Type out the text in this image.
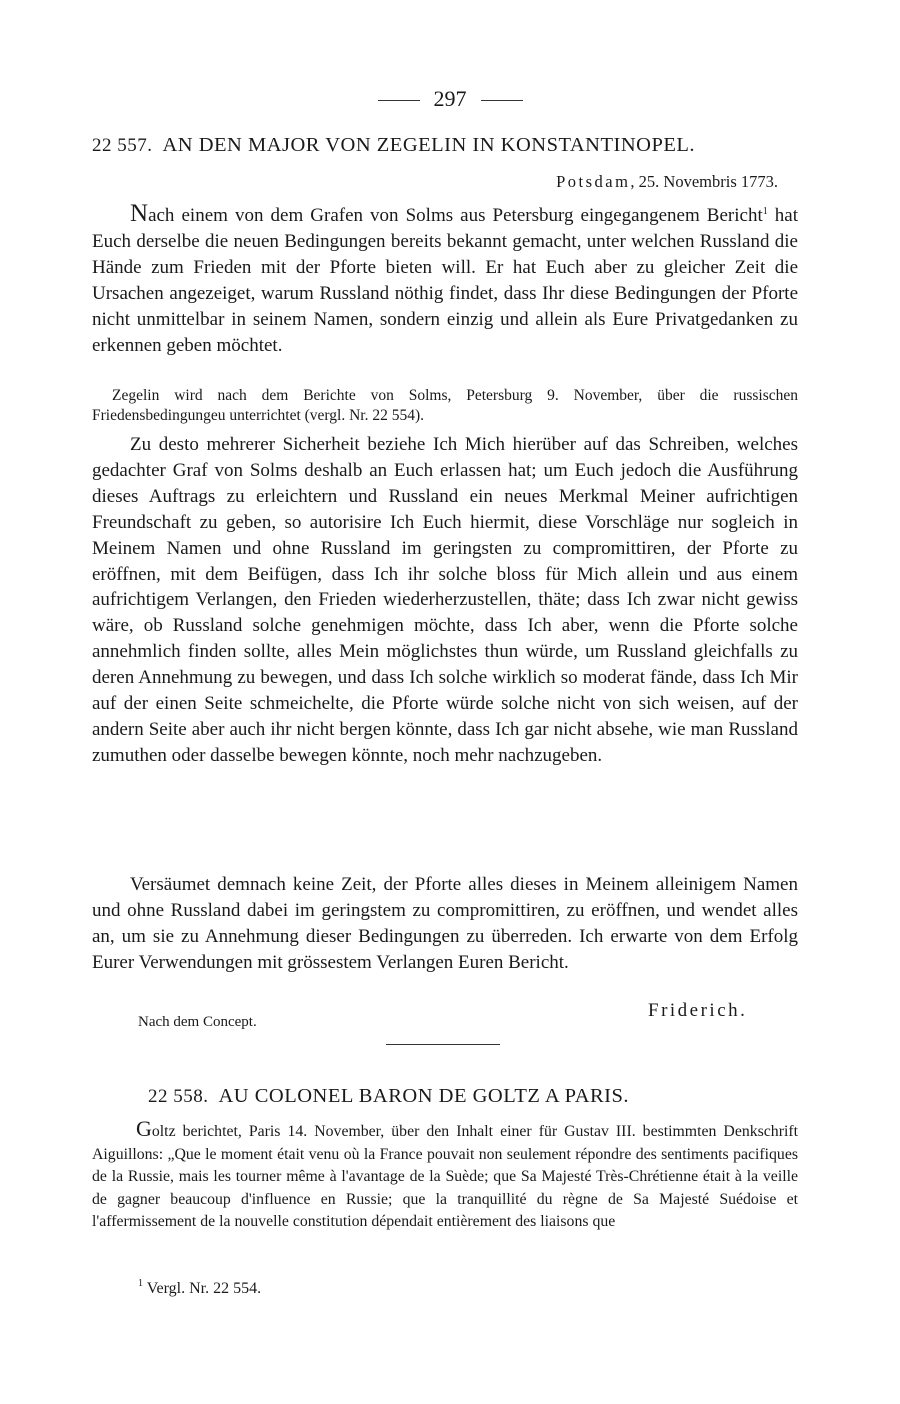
297
22 557. AN DEN MAJOR VON ZEGELIN IN KONSTANTINOPEL.
Potsdam, 25. Novembris 1773.

Nach einem von dem Grafen von Solms aus Petersburg eingegangenem Bericht$^1$ hat Euch derselbe die neuen Bedingungen bereits bekannt gemacht, unter welchen Russland die Hände zum Frieden mit der Pforte bieten will. Er hat Euch aber zu gleicher Zeit die Ursachen angezeiget, warum Russland nöthig findet, dass Ihr diese Bedingungen der Pforte nicht unmittelbar in seinem Namen, sondern einzig und allein als Eure Privatgedanken zu erkennen geben möchtet.

Zegelin wird nach dem Berichte von Solms, Petersburg 9. November, über die russischen Friedensbedingungeu unterrichtet (vergl. Nr. 22 554).

Zu desto mehrerer Sicherheit beziehe Ich Mich hierüber auf das Schreiben, welches gedachter Graf von Solms deshalb an Euch erlassen hat; um Euch jedoch die Ausführung dieses Auftrags zu erleichtern und Russland ein neues Merkmal Meiner aufrichtigen Freundschaft zu geben, so autorisire Ich Euch hiermit, diese Vorschläge nur sogleich in Meinem Namen und ohne Russland im geringsten zu compromittiren, der Pforte zu eröffnen, mit dem Beifügen, dass Ich ihr solche bloss für Mich allein und aus einem aufrichtigem Verlangen, den Frieden wiederherzustellen, thäte; dass Ich zwar nicht gewiss wäre, ob Russland solche genehmigen möchte, dass Ich aber, wenn die Pforte solche annehmlich finden sollte, alles Mein möglichstes thun würde, um Russland gleichfalls zu deren Annehmung zu bewegen, und dass Ich solche wirklich so moderat fände, dass Ich Mir auf der einen Seite schmeichelte, die Pforte würde solche nicht von sich weisen, auf der andern Seite aber auch ihr nicht bergen könnte, dass Ich gar nicht absehe, wie man Russland zumuthen oder dasselbe bewegen könnte, noch mehr nachzugeben.

Versäumet demnach keine Zeit, der Pforte alles dieses in Meinem alleinigem Namen und ohne Russland dabei im geringstem zu compromittiren, zu eröffnen, und wendet alles an, um sie zu Annehmung dieser Bedingungen zu überreden. Ich erwarte von dem Erfolg Eurer Verwendungen mit grössestem Verlangen Euren Bericht.

Nach dem Concept.
Friderich.
22 558. AU COLONEL BARON DE GOLTZ A PARIS.

Goltz berichtet, Paris 14. November, über den Inhalt einer für Gustav III. bestimmten Denkschrift Aiguillons: „Que le moment était venu où la France pouvait non seulement répondre des sentiments pacifiques de la Russie, mais les tourner même à l'avantage de la Suède; que Sa Majesté Très-Chrétienne était à la veille de gagner beaucoup d'influence en Russie; que la tranquillité du règne de Sa Majesté Suédoise et l'affermissement de la nouvelle constitution dépendait entièrement des liaisons que

$^1$ Vergl. Nr. 22 554.
